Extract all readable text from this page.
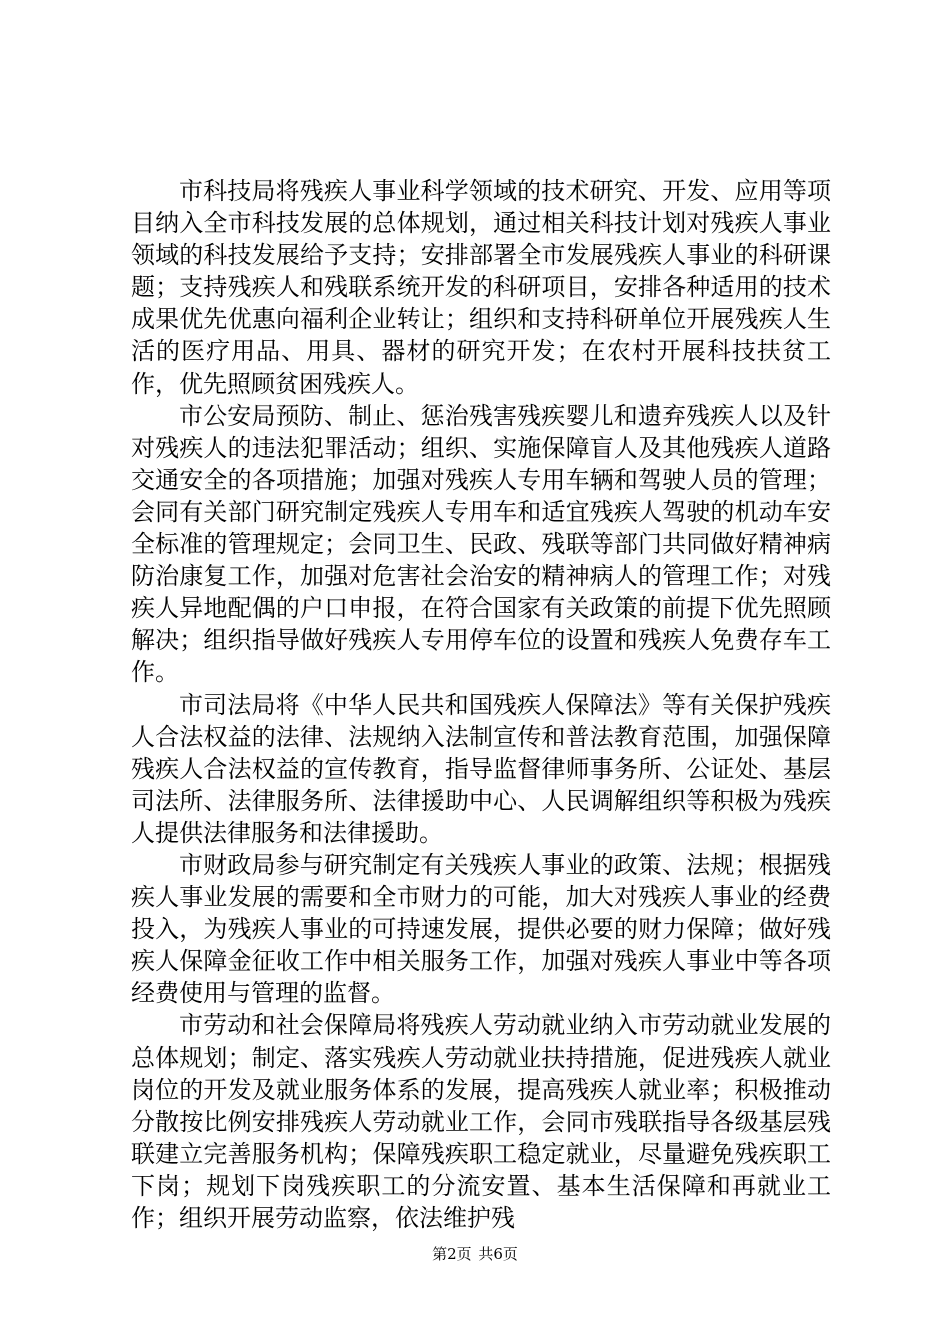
市科技局将残疾人事业科学领域的技术研究、开发、应用等项目纳入全市科技发展的总体规划，通过相关科技计划对残疾人事业领域的科技发展给予支持；安排部署全市发展残疾人事业的科研课题；支持残疾人和残联系统开发的科研项目，安排各种适用的技术成果优先优惠向福利企业转让；组织和支持科研单位开展残疾人生活的医疗用品、用具、器材的研究开发；在农村开展科技扶贫工作，优先照顾贫困残疾人。

市公安局预防、制止、惩治残害残疾婴儿和遗弃残疾人以及针对残疾人的违法犯罪活动；组织、实施保障盲人及其他残疾人道路交通安全的各项措施；加强对残疾人专用车辆和驾驶人员的管理；会同有关部门研究制定残疾人专用车和适宜残疾人驾驶的机动车安全标准的管理规定；会同卫生、民政、残联等部门共同做好精神病防治康复工作，加强对危害社会治安的精神病人的管理工作；对残疾人异地配偶的户口申报，在符合国家有关政策的前提下优先照顾解决；组织指导做好残疾人专用停车位的设置和残疾人免费存车工作。

市司法局将《中华人民共和国残疾人保障法》等有关保护残疾人合法权益的法律、法规纳入法制宣传和普法教育范围，加强保障残疾人合法权益的宣传教育，指导监督律师事务所、公证处、基层司法所、法律服务所、法律援助中心、人民调解组织等积极为残疾人提供法律服务和法律援助。

市财政局参与研究制定有关残疾人事业的政策、法规；根据残疾人事业发展的需要和全市财力的可能，加大对残疾人事业的经费投入，为残疾人事业的可持速发展，提供必要的财力保障；做好残疾人保障金征收工作中相关服务工作，加强对残疾人事业中等各项经费使用与管理的监督。

市劳动和社会保障局将残疾人劳动就业纳入市劳动就业发展的总体规划；制定、落实残疾人劳动就业扶持措施，促进残疾人就业岗位的开发及就业服务体系的发展，提高残疾人就业率；积极推动分散按比例安排残疾人劳动就业工作，会同市残联指导各级基层残联建立完善服务机构；保障残疾职工稳定就业，尽量避免残疾职工下岗；规划下岗残疾职工的分流安置、基本生活保障和再就业工作；组织开展劳动监察，依法维护残

第2页 共6页
